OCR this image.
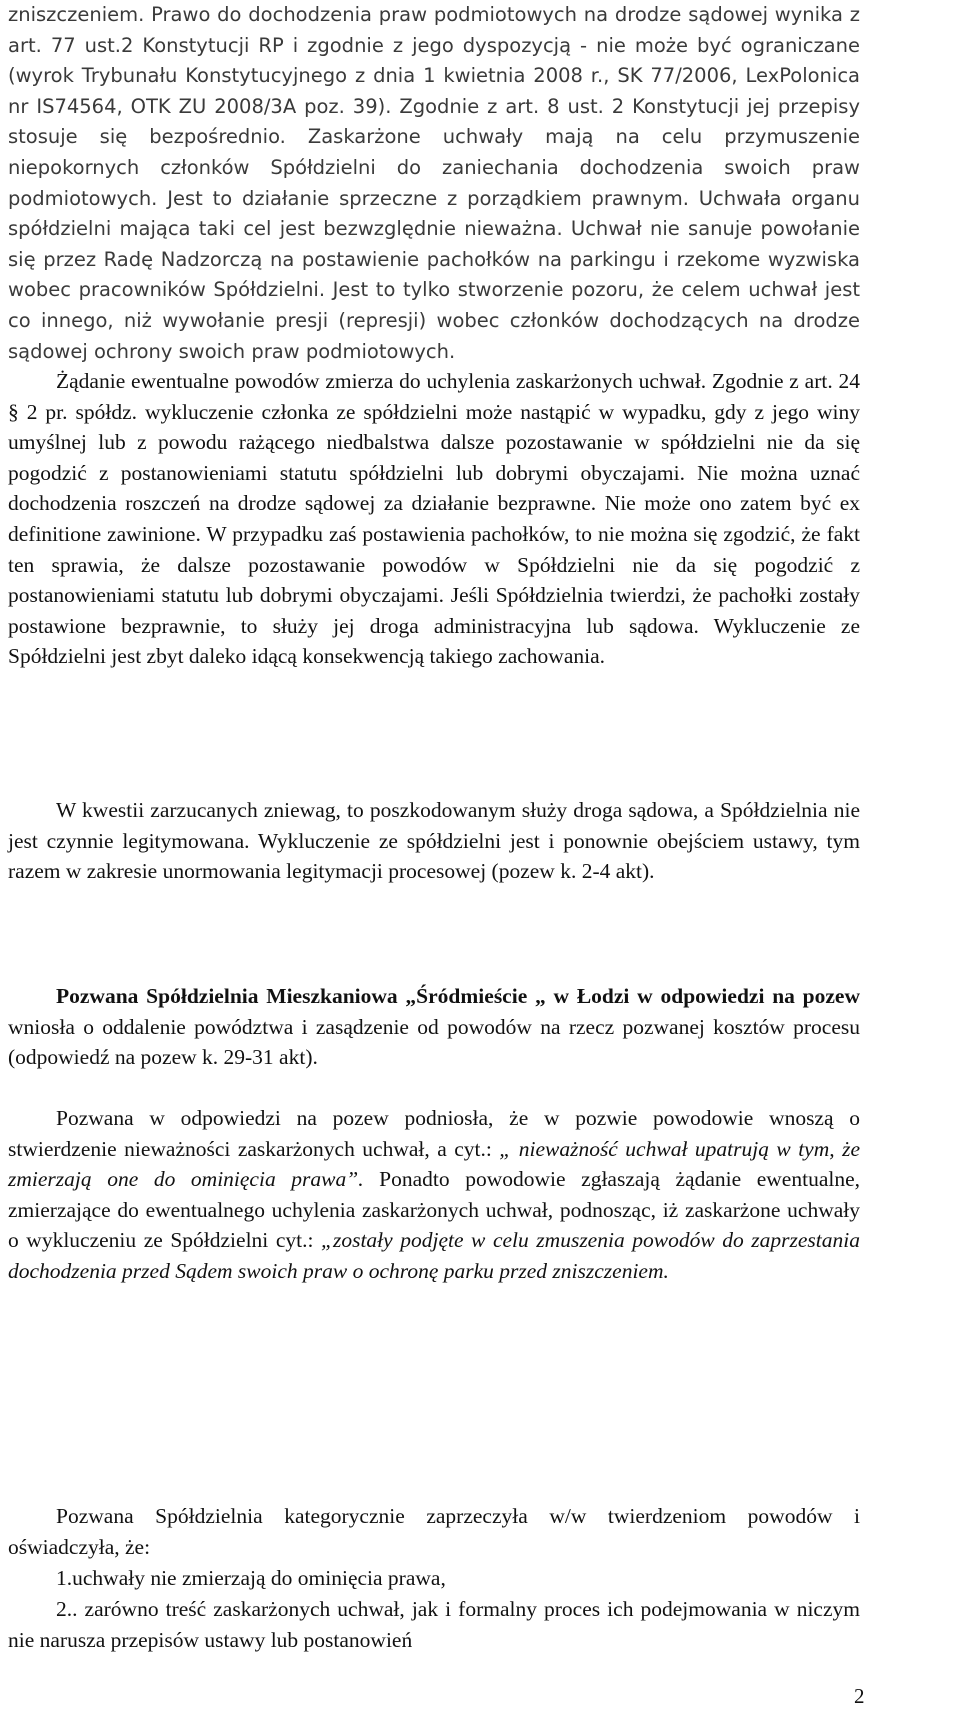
zniszczeniem. Prawo do dochodzenia praw podmiotowych na drodze sądowej wynika z art. 77 ust.2 Konstytucji RP i zgodnie z jego dyspozycją - nie może być ograniczane (wyrok Trybunału Konstytucyjnego z dnia 1 kwietnia 2008 r., SK 77/2006, LexPolonica nr IS74564, OTK ZU 2008/3A poz. 39). Zgodnie z art. 8 ust. 2 Konstytucji jej przepisy stosuje się bezpośrednio. Zaskarżone uchwały mają na celu przymuszenie niepokornych członków Spółdzielni do zaniechania dochodzenia swoich praw podmiotowych. Jest to działanie sprzeczne z porządkiem prawnym. Uchwała organu spółdzielni mająca taki cel jest bezwzględnie nieważna. Uchwał nie sanuje powołanie się przez Radę Nadzorczą na postawienie pachołków na parkingu i rzekome wyzwiska wobec pracowników Spółdzielni. Jest to tylko stworzenie pozoru, że celem uchwał jest co innego, niż wywołanie presji (represji) wobec członków dochodzących na drodze sądowej ochrony swoich praw podmiotowych.

Żądanie ewentualne powodów zmierza do uchylenia zaskarżonych uchwał. Zgodnie z art. 24 § 2 pr. spółdz. wykluczenie członka ze spółdzielni może nastąpić w wypadku, gdy z jego winy umyślnej lub z powodu rażącego niedbalstwa dalsze pozostawanie w spółdzielni nie da się pogodzić z postanowieniami statutu spółdzielni lub dobrymi obyczajami. Nie można uznać dochodzenia roszczeń na drodze sądowej za działanie bezprawne. Nie może ono zatem być ex definitione zawinione. W przypadku zaś postawienia pachołków, to nie można się zgodzić, że fakt ten sprawia, że dalsze pozostawanie powodów w Spółdzielni nie da się pogodzić z postanowieniami statutu lub dobrymi obyczajami. Jeśli Spółdzielnia twierdzi, że pachołki zostały postawione bezprawnie, to służy jej droga administracyjna lub sądowa. Wykluczenie ze Spółdzielni jest zbyt daleko idącą konsekwencją takiego zachowania.

W kwestii zarzucanych zniewag, to poszkodowanym służy droga sądowa, a Spółdzielnia nie jest czynnie legitymowana. Wykluczenie ze spółdzielni jest i ponownie obejściem ustawy, tym razem w zakresie unormowania legitymacji procesowej (pozew k. 2-4 akt).

Pozwana Spółdzielnia Mieszkaniowa „Śródmieście „ w Łodzi w odpowiedzi na pozew wniosła o oddalenie powództwa i zasądzenie od powodów na rzecz pozwanej kosztów procesu (odpowiedź na pozew k. 29-31 akt).

Pozwana w odpowiedzi na pozew podniosła, że w pozwie powodowie wnoszą o stwierdzenie nieważności zaskarżonych uchwał, a cyt.: „ nieważność uchwał upatrują w tym, że zmierzają one do ominięcia prawa”. Ponadto powodowie zgłaszają żądanie ewentualne, zmierzające do ewentualnego uchylenia zaskarżonych uchwał, podnosząc, iż zaskarżone uchwały o wykluczeniu ze Spółdzielni cyt.: „zostały podjęte w celu zmuszenia powodów do zaprzestania dochodzenia przed Sądem swoich praw o ochronę parku przed zniszczeniem.

Pozwana Spółdzielnia kategorycznie zaprzeczyła w/w twierdzeniom powodów i oświadczyła, że:

1.uchwały nie zmierzają do ominięcia prawa,

2.. zarówno treść zaskarżonych uchwał, jak i formalny proces ich podejmowania w niczym nie narusza przepisów ustawy lub postanowień

2
